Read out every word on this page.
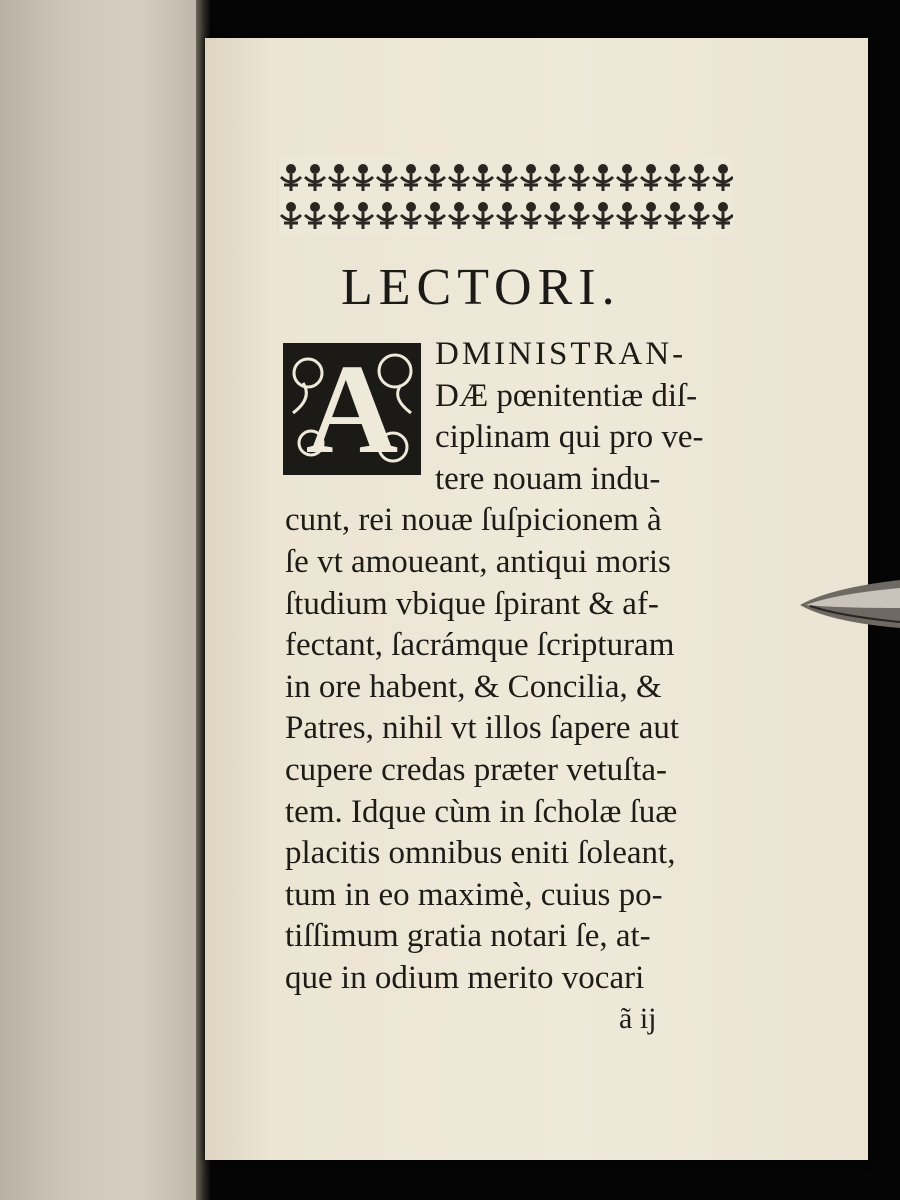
LECTORI.
A	DMINISTRAN-
DÆ pœnitentiæ diſ-
ciplinam qui pro ve-
tere nouam indu-
cunt, rei nouæ ſuſpicionem à
ſe vt amoueant, antiqui moris
ſtudium vbique ſpirant & af-
fectant, ſacrámque ſcripturam
in ore habent, & Concilia, &
Patres, nihil vt illos ſapere aut
cupere credas præter vetuſta-
tem. Idque cùm in ſcholæ ſuæ
placitis omnibus eniti ſoleant,
tum in eo maximè, cuius po-
tiſſimum gratia notari ſe, at-
que in odium merito vocari
ã ij
